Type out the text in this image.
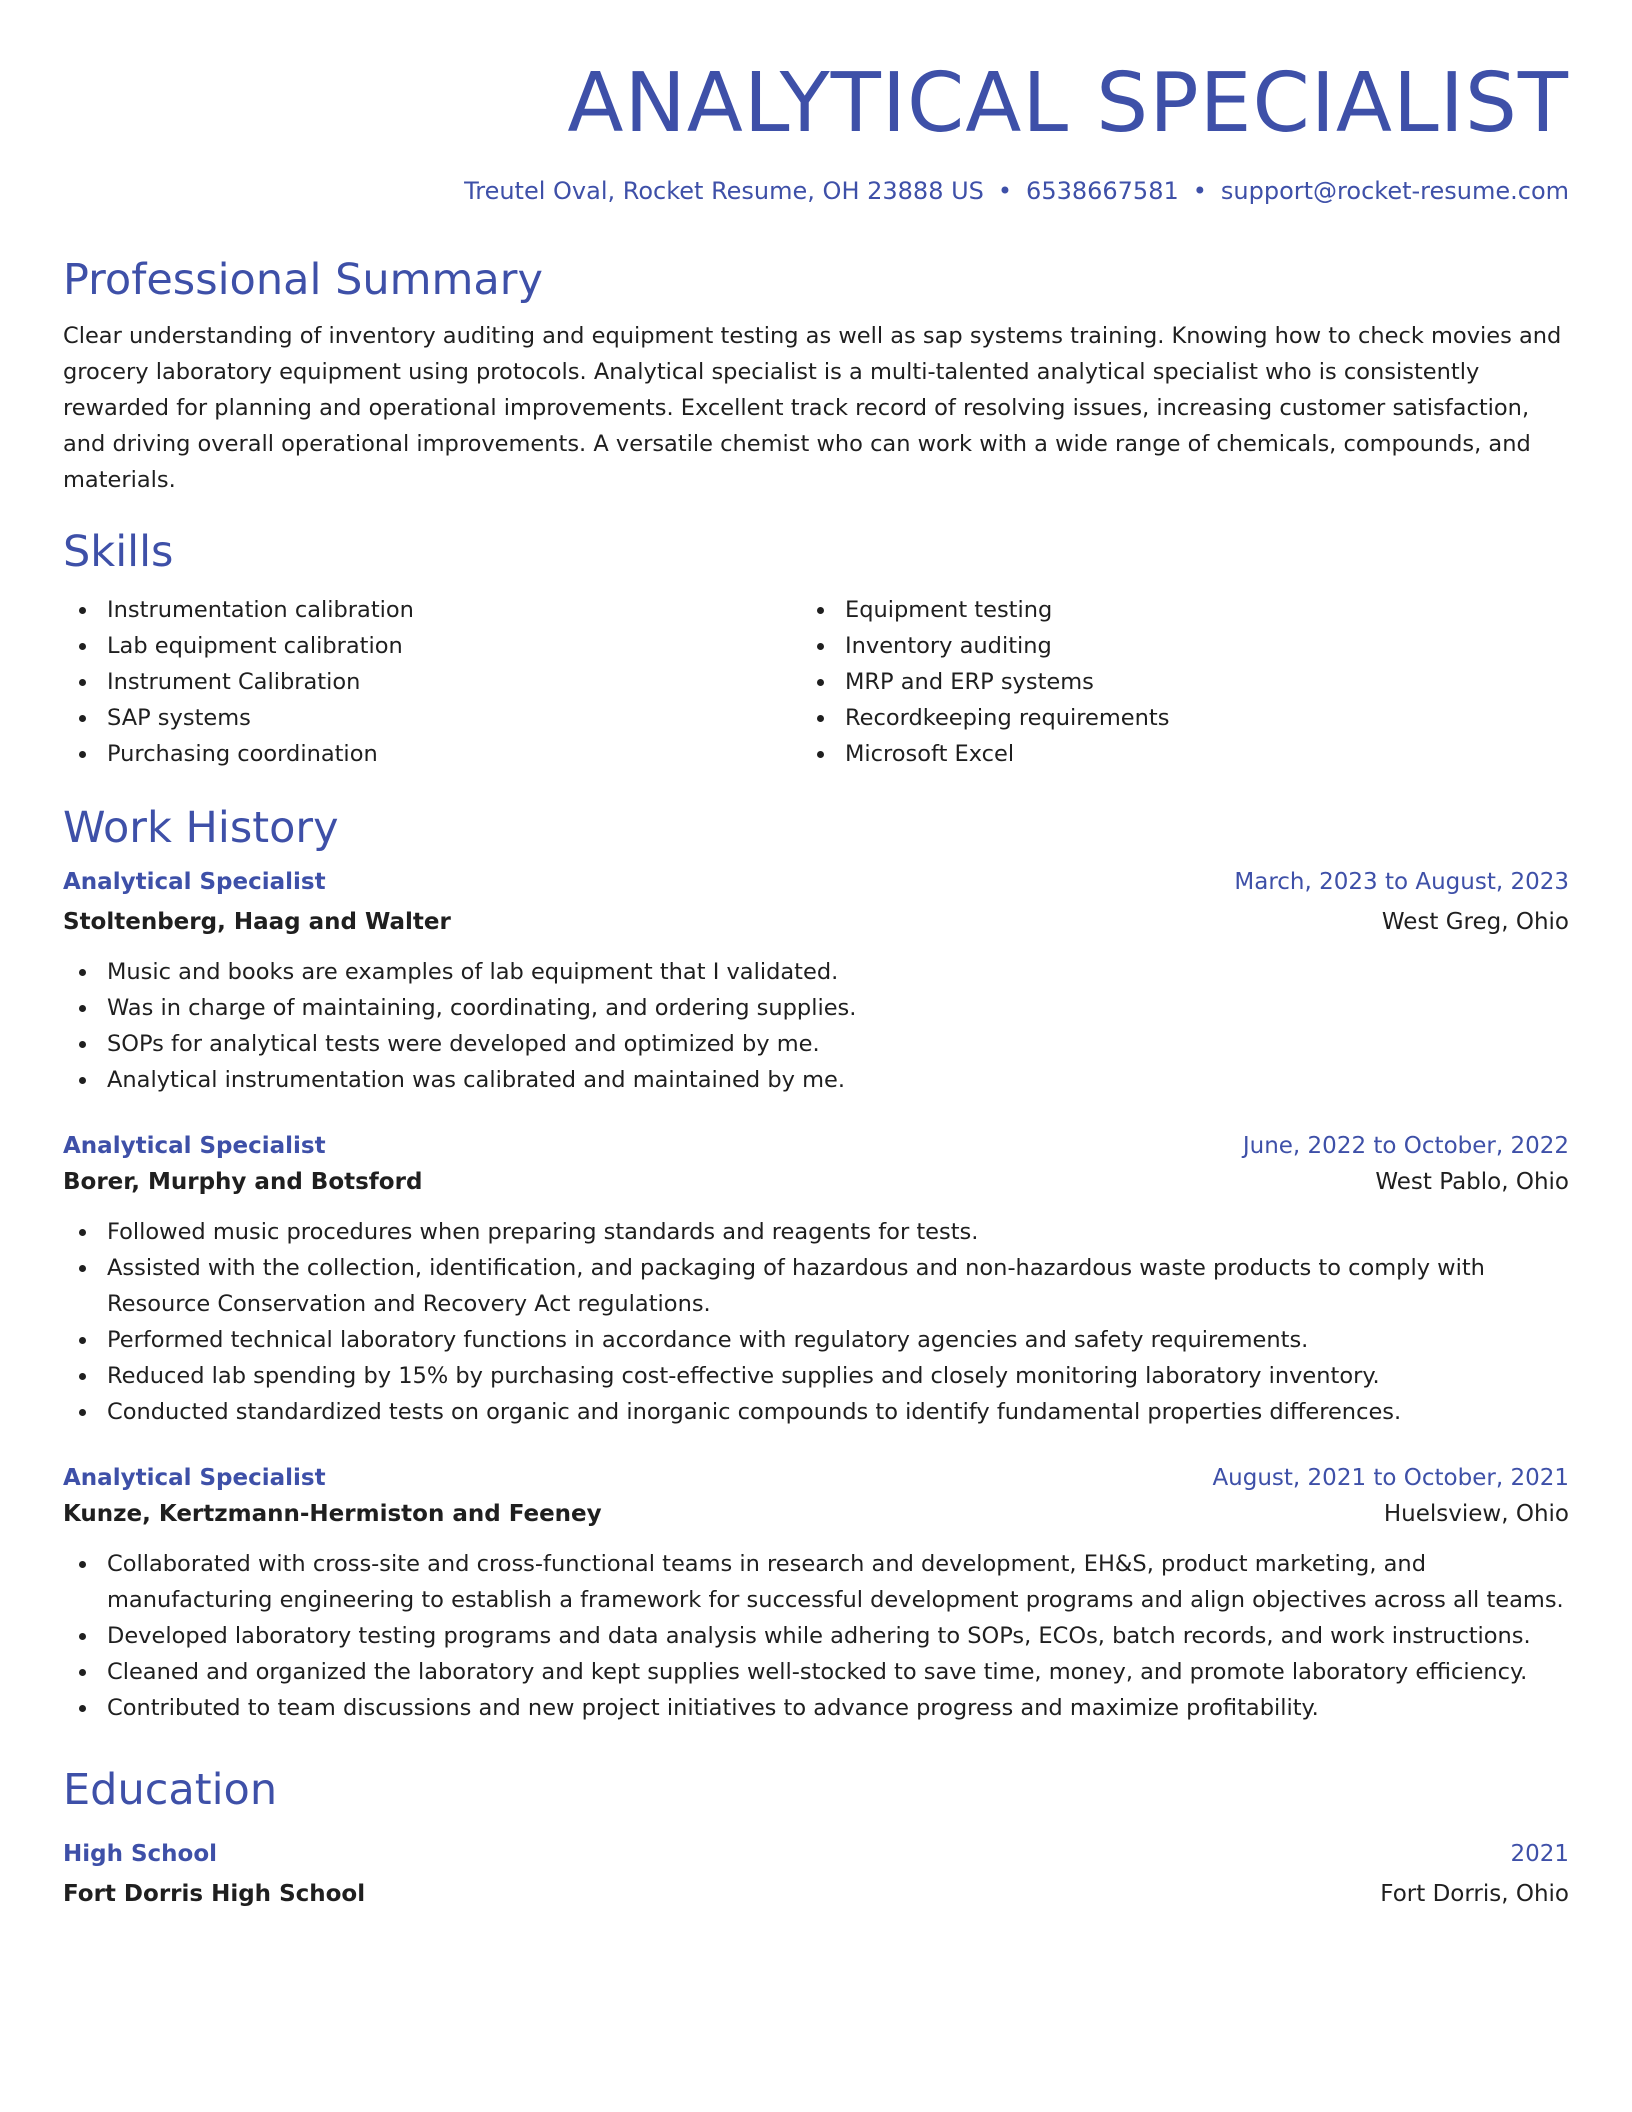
ANALYTICAL SPECIALIST
Treutel Oval, Rocket Resume, OH 23888 US • 6538667581 • support@rocket-resume.com
Professional Summary
Clear understanding of inventory auditing and equipment testing as well as sap systems training. Knowing how to check movies and grocery laboratory equipment using protocols. Analytical specialist is a multi-talented analytical specialist who is consistently rewarded for planning and operational improvements. Excellent track record of resolving issues, increasing customer satisfaction, and driving overall operational improvements. A versatile chemist who can work with a wide range of chemicals, compounds, and materials.
Skills
Instrumentation calibration
Lab equipment calibration
Instrument Calibration
SAP systems
Purchasing coordination
Equipment testing
Inventory auditing
MRP and ERP systems
Recordkeeping requirements
Microsoft Excel
Work History
Analytical Specialist	March, 2023 to August, 2023
Stoltenberg, Haag and Walter	West Greg, Ohio
Music and books are examples of lab equipment that I validated.
Was in charge of maintaining, coordinating, and ordering supplies.
SOPs for analytical tests were developed and optimized by me.
Analytical instrumentation was calibrated and maintained by me.
Analytical Specialist	June, 2022 to October, 2022
Borer, Murphy and Botsford	West Pablo, Ohio
Followed music procedures when preparing standards and reagents for tests.
Assisted with the collection, identification, and packaging of hazardous and non-hazardous waste products to comply with Resource Conservation and Recovery Act regulations.
Performed technical laboratory functions in accordance with regulatory agencies and safety requirements.
Reduced lab spending by 15% by purchasing cost-effective supplies and closely monitoring laboratory inventory.
Conducted standardized tests on organic and inorganic compounds to identify fundamental properties differences.
Analytical Specialist	August, 2021 to October, 2021
Kunze, Kertzmann-Hermiston and Feeney	Huelsview, Ohio
Collaborated with cross-site and cross-functional teams in research and development, EH&S, product marketing, and manufacturing engineering to establish a framework for successful development programs and align objectives across all teams.
Developed laboratory testing programs and data analysis while adhering to SOPs, ECOs, batch records, and work instructions.
Cleaned and organized the laboratory and kept supplies well-stocked to save time, money, and promote laboratory efficiency.
Contributed to team discussions and new project initiatives to advance progress and maximize profitability.
Education
High School	2021
Fort Dorris High School	Fort Dorris, Ohio
